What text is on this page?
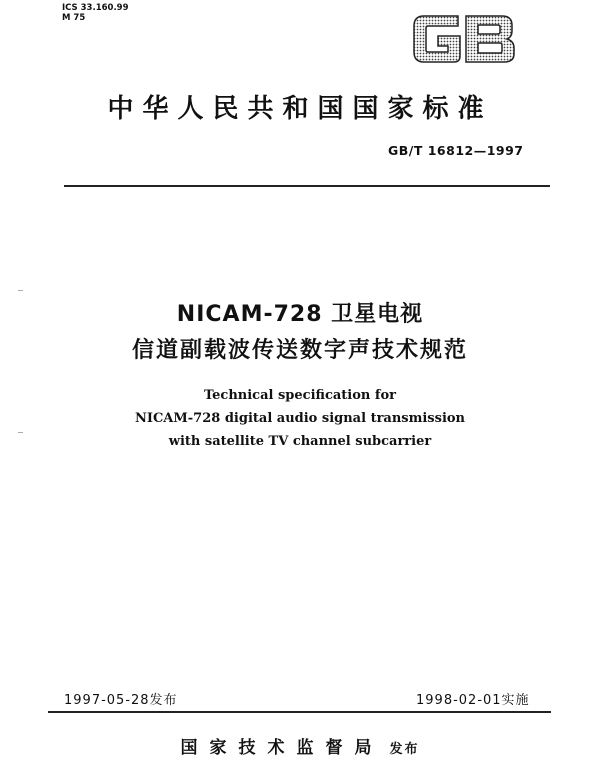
ICS 33.160.99
M 75
中华人民共和国国家标准
GB/T 16812—1997
NICAM-728 卫星电视
信道副载波传送数字声技术规范
Technical specification for
NICAM-728 digital audio signal transmission
with satellite TV channel subcarrier
1997-05-28发布	1998-02-01实施
国家技术监督局 发布
